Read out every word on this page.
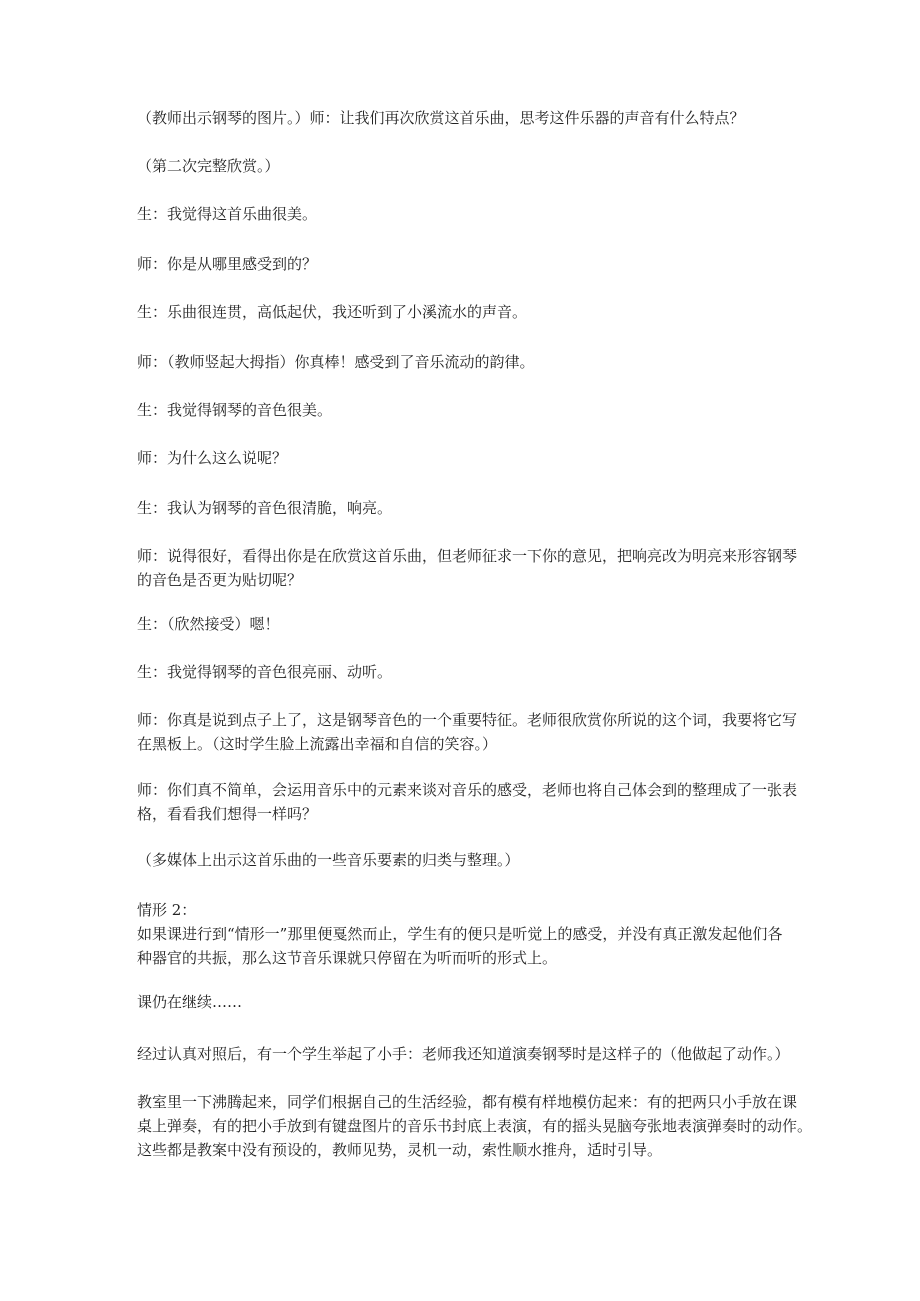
（教师出示钢琴的图片。）师：让我们再次欣赏这首乐曲，思考这件乐器的声音有什么特点？

（第二次完整欣赏。）

生：我觉得这首乐曲很美。

师：你是从哪里感受到的？

生：乐曲很连贯，高低起伏，我还听到了小溪流水的声音。

师：（教师竖起大拇指）你真棒！感受到了音乐流动的韵律。

生：我觉得钢琴的音色很美。

师：为什么这么说呢？

生：我认为钢琴的音色很清脆，响亮。

师：说得很好，看得出你是在欣赏这首乐曲，但老师征求一下你的意见，把响亮改为明亮来形容钢琴
的音色是否更为贴切呢？

生：（欣然接受）嗯！

生：我觉得钢琴的音色很亮丽、动听。

师：你真是说到点子上了，这是钢琴音色的一个重要特征。老师很欣赏你所说的这个词，我要将它写
在黑板上。（这时学生脸上流露出幸福和自信的笑容。）

师：你们真不简单，会运用音乐中的元素来谈对音乐的感受，老师也将自己体会到的整理成了一张表
格，看看我们想得一样吗？

（多媒体上出示这首乐曲的一些音乐要素的归类与整理。）

情形 2：
如果课进行到“情形一”那里便戛然而止，学生有的便只是听觉上的感受，并没有真正激发起他们各
种器官的共振，那么这节音乐课就只停留在为听而听的形式上。

课仍在继续……

经过认真对照后，有一个学生举起了小手：老师我还知道演奏钢琴时是这样子的（他做起了动作。）

教室里一下沸腾起来，同学们根据自己的生活经验，都有模有样地模仿起来：有的把两只小手放在课
桌上弹奏，有的把小手放到有键盘图片的音乐书封底上表演，有的摇头晃脑夸张地表演弹奏时的动作。
这些都是教案中没有预设的，教师见势，灵机一动，索性顺水推舟，适时引导。
